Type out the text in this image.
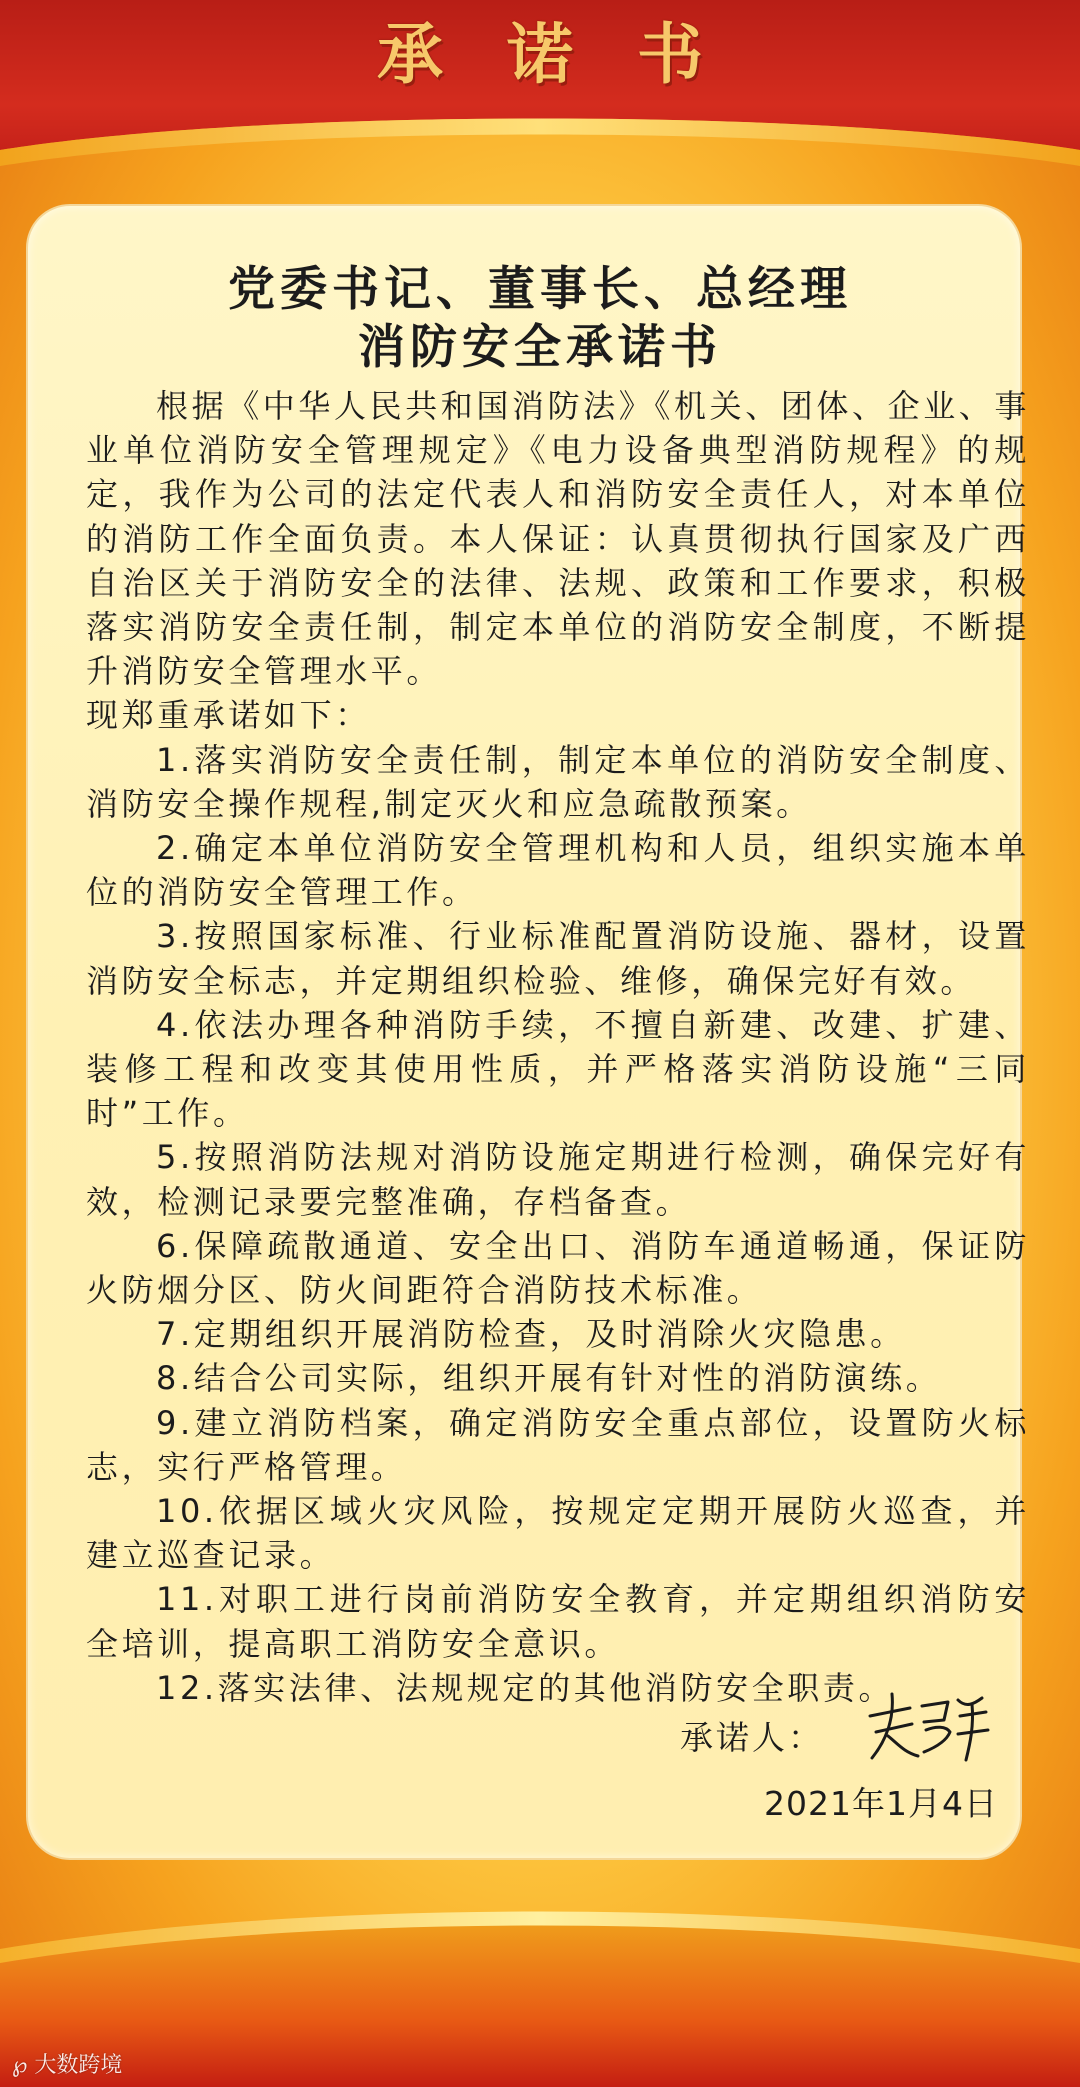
承诺书
党委书记、董事长、总经理
消防安全承诺书

根据《中华人民共和国消防法》《机关、团体、企业、事业单位消防安全管理规定》《电力设备典型消防规程》的规定，我作为公司的法定代表人和消防安全责任人，对本单位的消防工作全面负责。本人保证：认真贯彻执行国家及广西自治区关于消防安全的法律、法规、政策和工作要求，积极落实消防安全责任制，制定本单位的消防安全制度，不断提升消防安全管理水平。

现郑重承诺如下：

1.落实消防安全责任制，制定本单位的消防安全制度、消防安全操作规程,制定灭火和应急疏散预案。

2.确定本单位消防安全管理机构和人员，组织实施本单位的消防安全管理工作。

3.按照国家标准、行业标准配置消防设施、器材，设置消防安全标志，并定期组织检验、维修，确保完好有效。

4.依法办理各种消防手续，不擅自新建、改建、扩建、装修工程和改变其使用性质，并严格落实消防设施“三同时”工作。

5.按照消防法规对消防设施定期进行检测，确保完好有效，检测记录要完整准确，存档备查。

6.保障疏散通道、安全出口、消防车通道畅通，保证防火防烟分区、防火间距符合消防技术标准。

7.定期组织开展消防检查，及时消除火灾隐患。

8.结合公司实际，组织开展有针对性的消防演练。

9.建立消防档案，确定消防安全重点部位，设置防火标志，实行严格管理。

10.依据区域火灾风险，按规定定期开展防火巡查，并建立巡查记录。

11.对职工进行岗前消防安全教育，并定期组织消防安全培训，提高职工消防安全意识。

12.落实法律、法规规定的其他消防安全职责。

承诺人：
2021年1月4日
℘ 大数跨境
